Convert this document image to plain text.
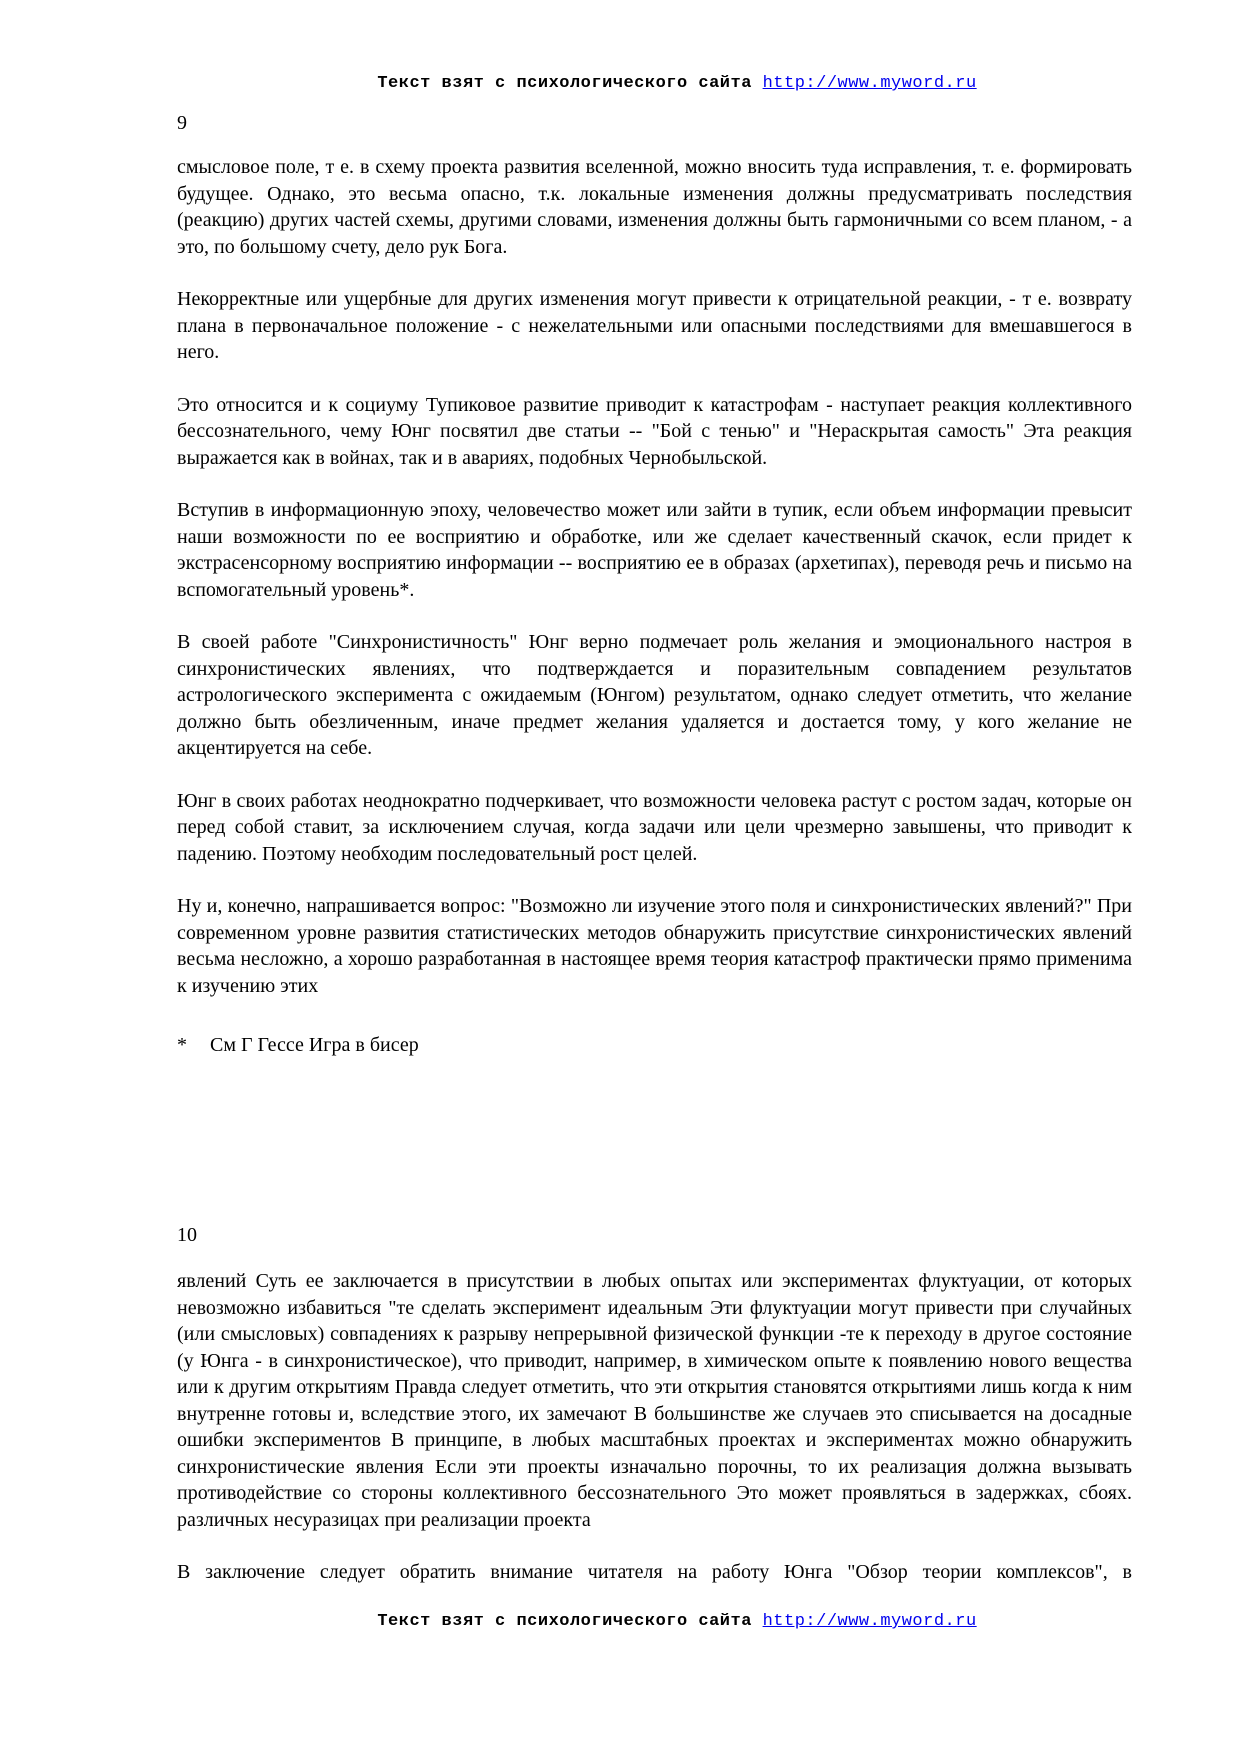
Текст взят с психологического сайта http://www.myword.ru
9

смысловое поле, т е. в схему проекта развития вселенной, можно вносить туда исправления, т. е. формировать будущее. Однако, это весьма опасно, т.к. локальные изменения должны предусматривать последствия (реакцию) других частей схемы, другими словами, изменения должны быть гармоничными со всем планом, - а это, по большому счету, дело рук Бога.

Некорректные или ущербные для других изменения могут привести к отрицательной реакции, - т е. возврату плана в первоначальное положение - с нежелательными или опасными последствиями для вмешавшегося в него.

Это относится и к социуму Тупиковое развитие приводит к катастрофам - наступает реакция коллективного бессознательного, чему Юнг посвятил две статьи -- "Бой с тенью" и "Нераскрытая самость" Эта реакция выражается как в войнах, так и в авариях, подобных Чернобыльской.

Вступив в информационную эпоху, человечество может или зайти в тупик, если объем информации превысит наши возможности по ее восприятию и обработке, или же сделает качественный скачок, если придет к экстрасенсорному восприятию информации -- восприятию ее в образах (архетипах), переводя речь и письмо на вспомогательный уровень*.

В своей работе "Синхронистичность" Юнг верно подмечает роль желания и эмоционального настроя в синхронистических явлениях, что подтверждается и поразительным совпадением результатов астрологического эксперимента с ожидаемым (Юнгом) результатом, однако следует отметить, что желание должно быть обезличенным, иначе предмет желания удаляется и достается тому, у кого желание не акцентируется на себе.

Юнг в своих работах неоднократно подчеркивает, что возможности человека растут с ростом задач, которые он перед собой ставит, за исключением случая, когда задачи или цели чрезмерно завышены, что приводит к падению. Поэтому необходим последовательный рост целей.

Ну и, конечно, напрашивается вопрос: "Возможно ли изучение этого поля и синхронистических явлений?" При современном уровне развития статистических методов обнаружить присутствие синхронистических явлений весьма несложно, а хорошо разработанная в настоящее время теория катастроф практически прямо применима к изучению этих

* См Г Гессе Игра в бисер
10

явлений Суть ее заключается в присутствии в любых опытах или экспериментах флуктуации, от которых невозможно избавиться "те сделать эксперимент идеальным Эти флуктуации могут привести при случайных (или смысловых) совпадениях к разрыву непрерывной физической функции -те к переходу в другое состояние (у Юнга - в синхронистическое), что приводит, например, в химическом опыте к появлению нового вещества или к другим открытиям Правда следует отметить, что эти открытия становятся открытиями лишь когда к ним внутренне готовы и, вследствие этого, их замечают В большинстве же случаев это списывается на досадные ошибки экспериментов В принципе, в любых масштабных проектах и экспериментах можно обнаружить синхронистические явления Если эти проекты изначально порочны, то их реализация должна вызывать противодействие со стороны коллективного бессознательного Это может проявляться в задержках, сбоях. различных несуразицах при реализации проекта

В заключение следует обратить внимание читателя на работу Юнга "Обзор теории комплексов", в

Текст взят с психологического сайта http://www.myword.ru
